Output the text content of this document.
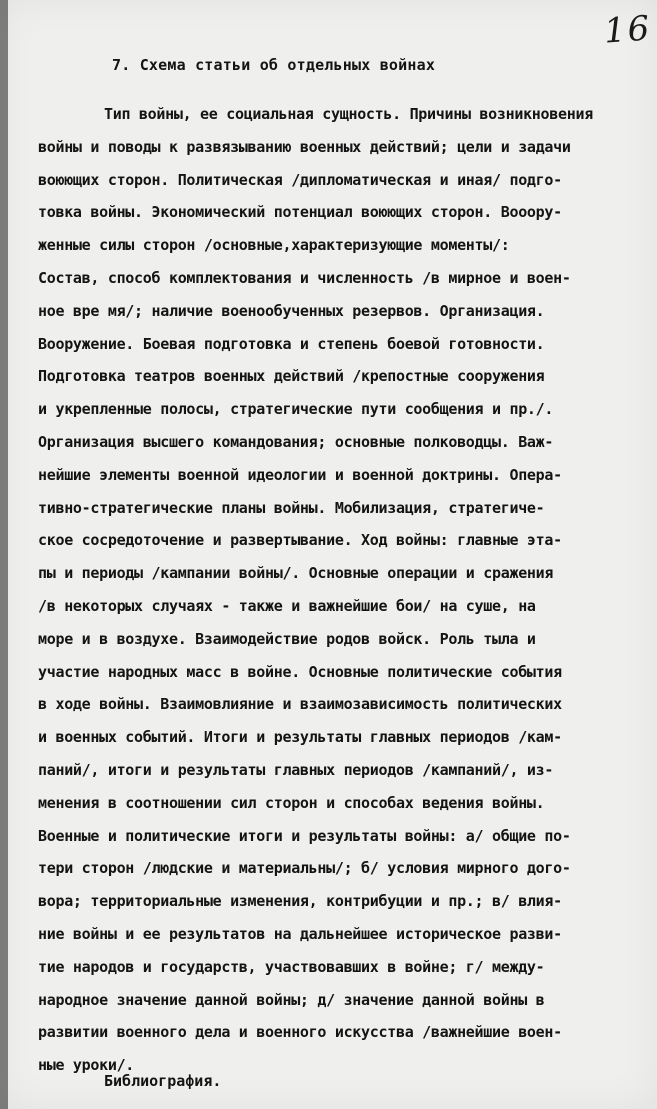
16
7. Схема статьи об отдельных войнах
Тип войны, ее социальная сущность. Причины возникновения
войны и поводы к развязыванию военных действий; цели и задачи
воюющих сторон. Политическая /дипломатическая и иная/ подго-
товка войны. Экономический потенциал воюющих сторон. Вооору-
женные силы сторон /основные,характеризующие моменты/:
Состав, способ комплектования и численность /в мирное и воен-
ное вре мя/; наличие военообученных резервов. Организация.
Вооружение. Боевая подготовка и степень боевой готовности.
Подготовка театров военных действий /крепостные сооружения
и укрепленные полосы, стратегические пути сообщения и пр./.
Организация высшего командования; основные полководцы. Важ-
нейшие элементы военной идеологии и военной доктрины. Опера-
тивно-стратегические планы войны. Мобилизация, стратегиче-
ское сосредоточение и развертывание. Ход войны: главные эта-
пы и периоды /кампании войны/. Основные операции и сражения
/в некоторых случаях - также и важнейшие бои/ на суше, на
море и в воздухе. Взаимодействие родов войск. Роль тыла и
участие народных масс в войне. Основные политические события
в ходе войны. Взаимовлияние и взаимозависимость политических
и военных событий. Итоги и результаты главных периодов /кам-
паний/, итоги и результаты главных периодов /кампаний/, из-
менения в соотношении сил сторон и способах ведения войны.
Военные и политические итоги и результаты войны: а/ общие по-
тери сторон /людские и материальны/; б/ условия мирного дого-
вора; территориальные изменения, контрибуции и пр.; в/ влия-
ние войны и ее результатов на дальнейшее историческое разви-
тие народов и государств, участвовавших в войне; г/ между-
народное значение данной войны; д/ значение данной войны в
развитии военного дела и военного искусства /важнейшие воен-
ные уроки/.
Библиография.
